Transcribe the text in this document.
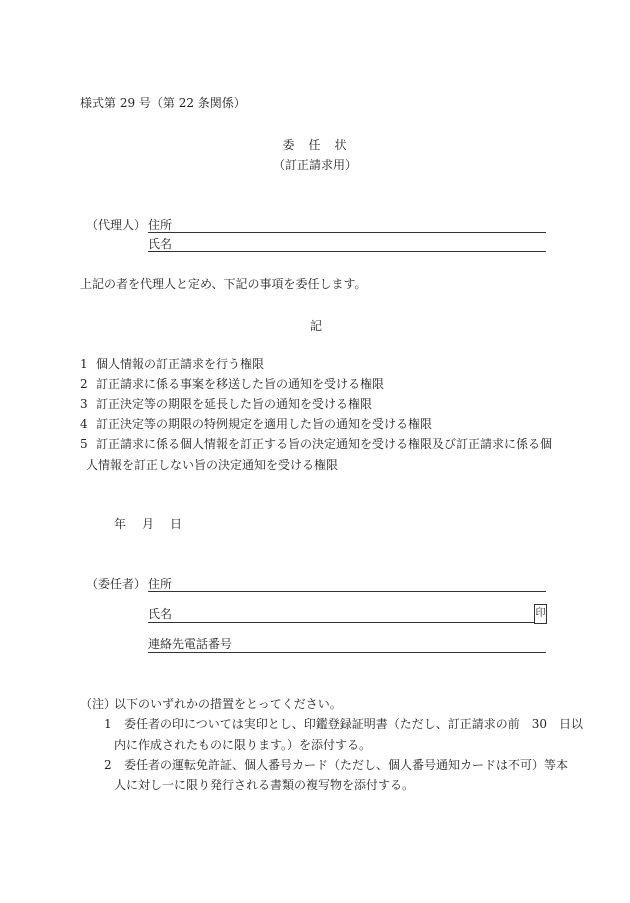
様式第 29 号（第 22 条関係）
委　任　状
（訂正請求用）
（代理人） 住所
氏名
上記の者を代理人と定め、下記の事項を委任します。
記
1 個人情報の訂正請求を行う権限
2 訂正請求に係る事案を移送した旨の通知を受ける権限
3 訂正決定等の期限を延長した旨の通知を受ける権限
4 訂正決定等の期限の特例規定を適用した旨の通知を受ける権限
5 訂正請求に係る個人情報を訂正する旨の決定通知を受ける権限及び訂正請求に係る個
人情報を訂正しない旨の決定通知を受ける権限
年　月　日
（委任者） 住所
氏名	印
連絡先電話番号
（注）
以下のいずれかの措置をとってください。
1 委任者の印については実印とし、印鑑登録証明書（ただし、訂正請求の前　30　日以
内に作成されたものに限ります。）を添付する。
2 委任者の運転免許証、個人番号カード（ただし、個人番号通知カードは不可）等本
人に対し一に限り発行される書類の複写物を添付する。
